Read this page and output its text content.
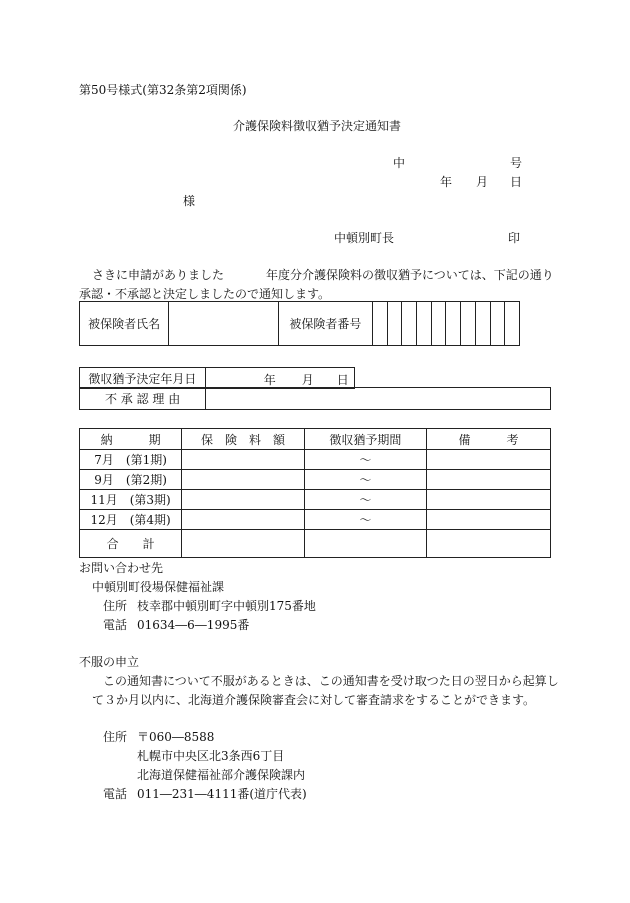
第50号様式(第32条第2項関係)
介護保険料徴収猶予決定通知書
中	号
年 月 日
様
中頓別町長	印
さきに申請がありました	年度分介護保険料の徴収猶予については、下記の通り
承認・不承認と決定しましたので通知します。
被保険者氏名		被保険者番号										
徴収猶予決定年月日	年 月 日
不 承 認 理 由	
納　　　期	保　険　料　額	徴収猶予期間	備　　　考
7月　(第1期)		～	
9月　(第2期)		～	
11月　(第3期)		～	
12月　(第4期)		～	
合　　計			
お問い合わせ先
中頓別町役場保健福祉課
住所 枝幸郡中頓別町字中頓別175番地
電話 01634―6―1995番
不服の申立
この通知書について不服があるときは、この通知書を受け取つた日の翌日から起算し
て３か月以内に、北海道介護保険審査会に対して審査請求をすることができます。
住所 〒060―8588
札幌市中央区北3条西6丁目
北海道保健福祉部介護保険課内
電話 011―231―4111番(道庁代表)
